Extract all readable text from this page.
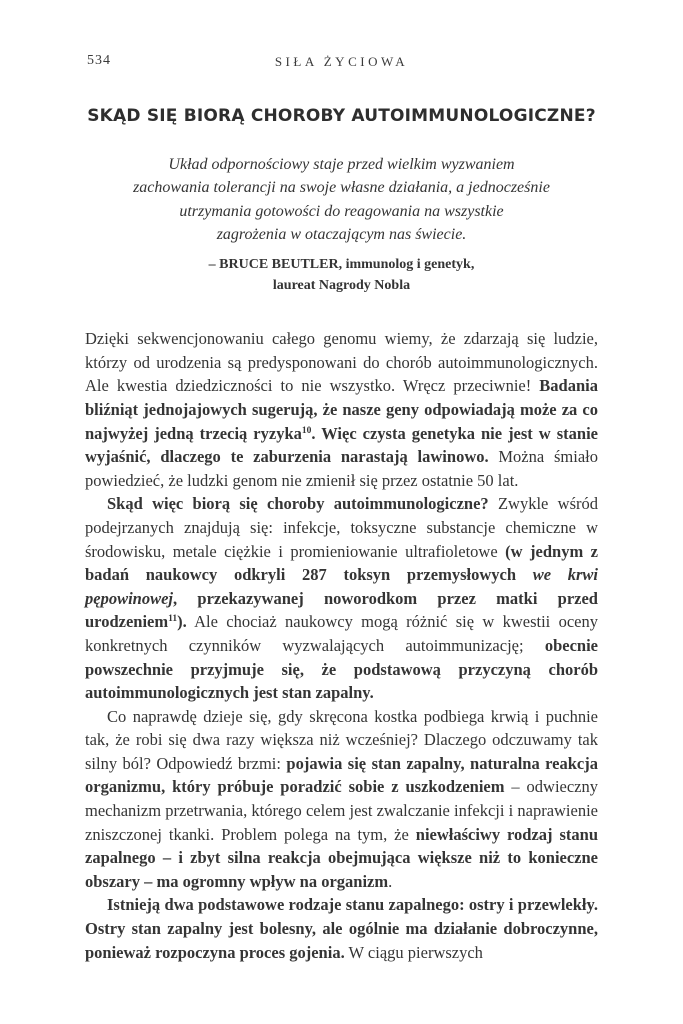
534	SIŁA ŻYCIOWA
SKĄD SIĘ BIORĄ CHOROBY AUTOIMMUNOLOGICZNE?
Układ odpornościowy staje przed wielkim wyzwaniem
zachowania tolerancji na swoje własne działania, a jednocześnie
utrzymania gotowości do reagowania na wszystkie
zagrożenia w otaczającym nas świecie.
– BRUCE BEUTLER, immunolog i genetyk,
laureat Nagrody Nobla

Dzięki sekwencjonowaniu całego genomu wiemy, że zdarzają się ludzie, którzy od urodzenia są predysponowani do chorób autoimmunologicznych. Ale kwestia dziedziczności to nie wszystko. Wręcz przeciwnie! Badania bliźniąt jednojajowych sugerują, że nasze geny odpowiadają może za co najwyżej jedną trzecią ryzyka$^{10}$. Więc czysta genetyka nie jest w stanie wyjaśnić, dlaczego te zaburzenia narastają lawinowo. Można śmiało powiedzieć, że ludzki genom nie zmienił się przez ostatnie 50 lat.

Skąd więc biorą się choroby autoimmunologiczne? Zwykle wśród podejrzanych znajdują się: infekcje, toksyczne substancje chemiczne w środowisku, metale ciężkie i promieniowanie ultrafioletowe (w jednym z badań naukowcy odkryli 287 toksyn przemysłowych we krwi pępowinowej, przekazywanej noworodkom przez matki przed urodzeniem$^{11}$). Ale chociaż naukowcy mogą różnić się w kwestii oceny konkretnych czynników wyzwalających autoimmunizację; obecnie powszechnie przyjmuje się, że podstawową przyczyną chorób autoimmunologicznych jest stan zapalny.

Co naprawdę dzieje się, gdy skręcona kostka podbiega krwią i puchnie tak, że robi się dwa razy większa niż wcześniej? Dlaczego odczuwamy tak silny ból? Odpowiedź brzmi: pojawia się stan zapalny, naturalna reakcja organizmu, który próbuje poradzić sobie z uszkodzeniem – odwieczny mechanizm przetrwania, którego celem jest zwalczanie infekcji i naprawienie zniszczonej tkanki. Problem polega na tym, że niewłaściwy rodzaj stanu zapalnego – i zbyt silna reakcja obejmująca większe niż to konieczne obszary – ma ogromny wpływ na organizm.

Istnieją dwa podstawowe rodzaje stanu zapalnego: ostry i przewlekły. Ostry stan zapalny jest bolesny, ale ogólnie ma działanie dobroczynne, ponieważ rozpoczyna proces gojenia. W ciągu pierwszych
